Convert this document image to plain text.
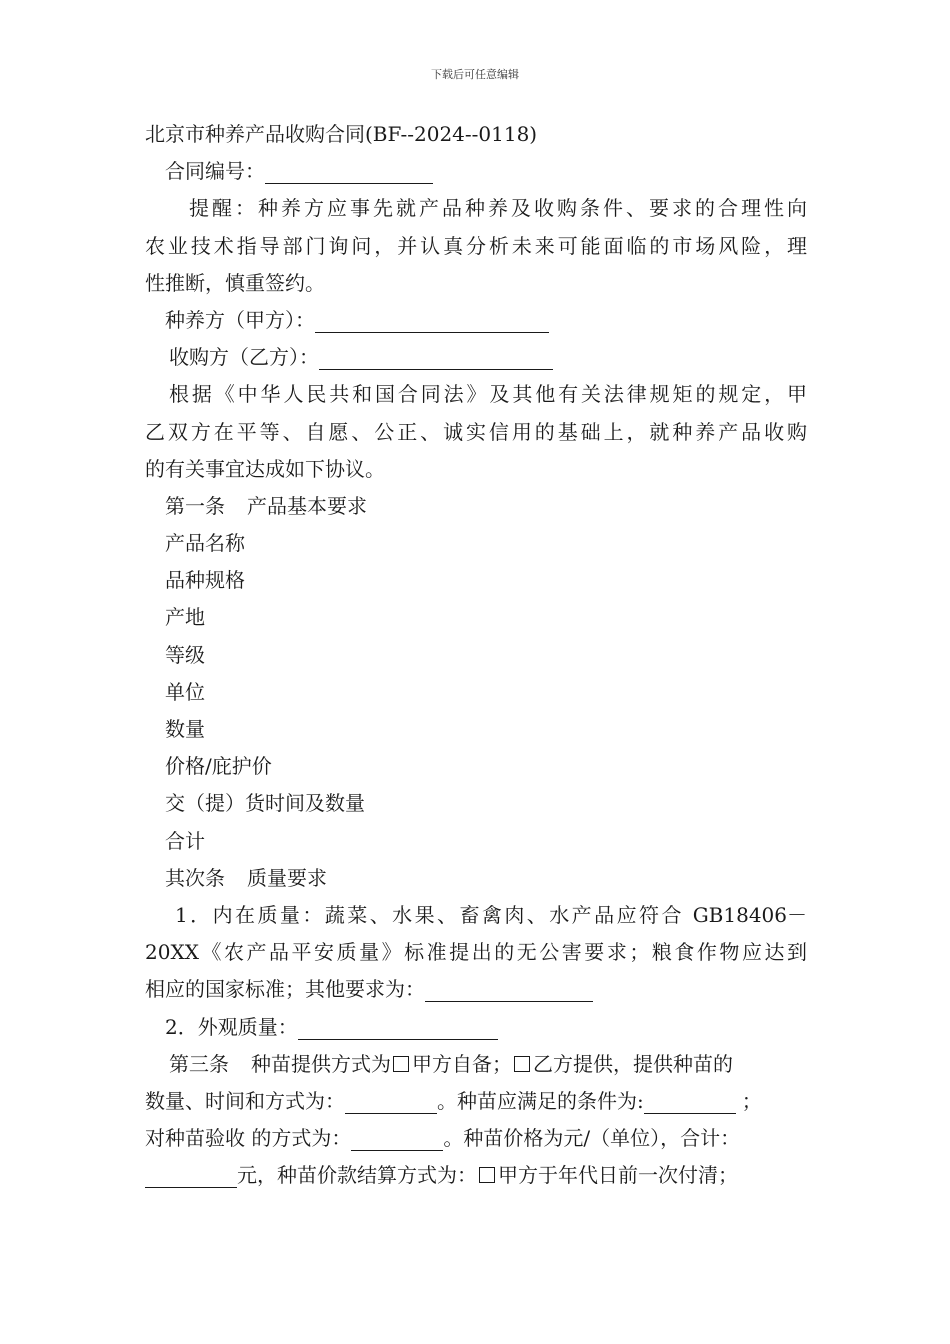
下载后可任意编辑
北京市种养产品收购合同(BF--2024--0118)
合同编号：
提醒：种养方应事先就产品种养及收购条件、要求的合理性向
农业技术指导部门询问，并认真分析未来可能面临的市场风险，理
性推断，慎重签约。
种养方（甲方）：
收购方（乙方）：
根据《中华人民共和国合同法》及其他有关法律规矩的规定，甲
乙双方在平等、自愿、公正、诚实信用的基础上，就种养产品收购
的有关事宜达成如下协议。
第一条 产品基本要求
产品名称
品种规格
产地
等级
单位
数量
价格/庇护价
交（提）货时间及数量
合计
其次条 质量要求
1．内在质量：蔬菜、水果、畜禽肉、水产品应符合 GB18406－
20XX《农产品平安质量》标准提出的无公害要求；粮食作物应达到
相应的国家标准；其他要求为：
2．外观质量：
第三条 种苗提供方式为 甲方自备； 乙方提供，提供种苗的
数量、时间和方式为：	。种苗应满足的条件为:	；
对种苗验收 的方式为：	。种苗价格为元/（单位），合计：
元，种苗价款结算方式为： 甲方于年代日前一次付清；
